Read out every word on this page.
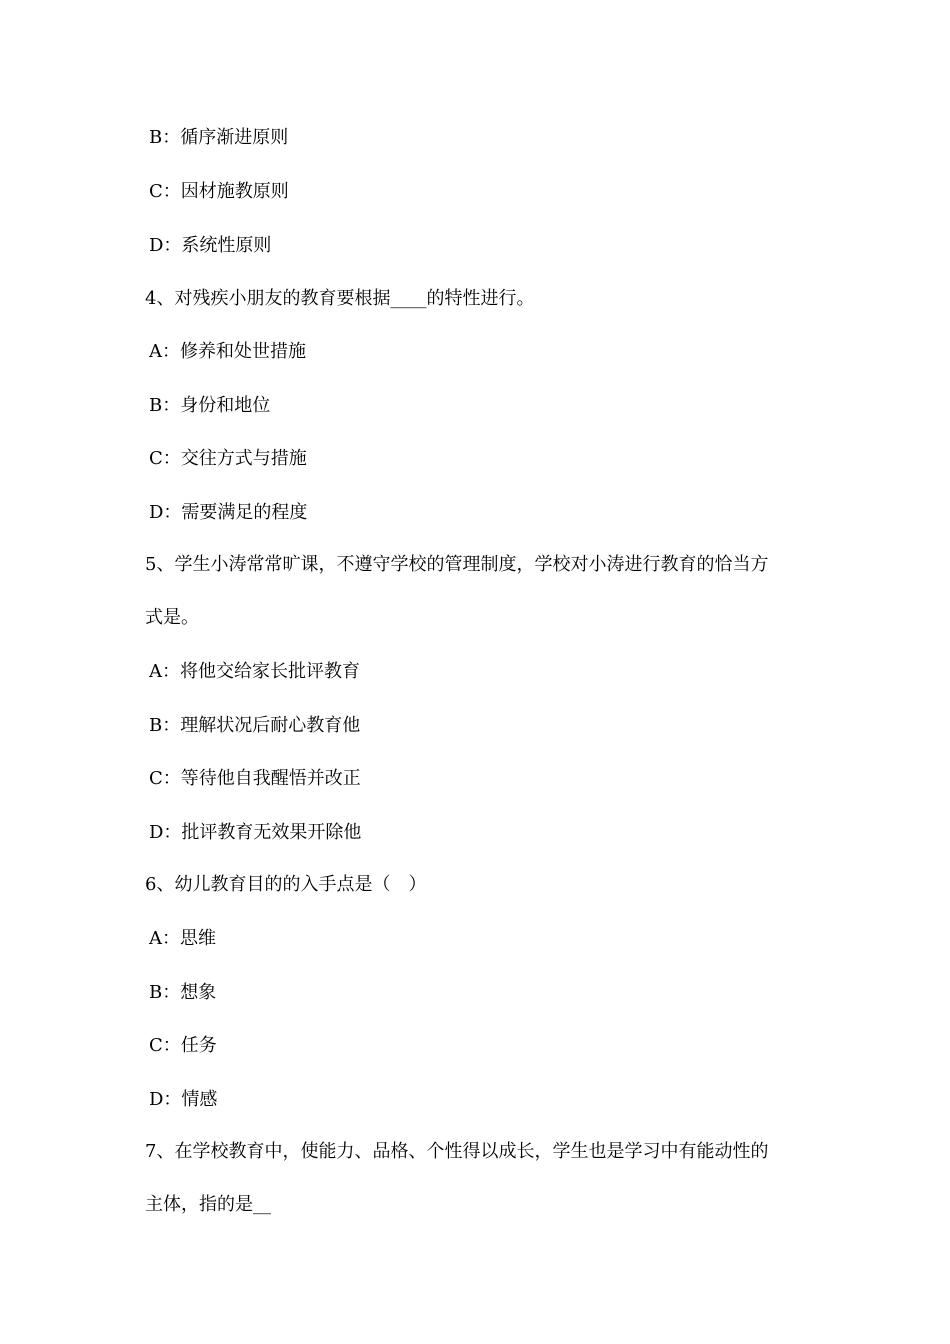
B：循序渐进原则
C：因材施教原则
D：系统性原则
4、对残疾小朋友的教育要根据____的特性进行。
A：修养和处世措施
B：身份和地位
C：交往方式与措施
D：需要满足的程度
5、学生小涛常常旷课，不遵守学校的管理制度，学校对小涛进行教育的恰当方
式是。
A：将他交给家长批评教育
B：理解状况后耐心教育他
C：等待他自我醒悟并改正
D：批评教育无效果开除他
6、幼儿教育目的的入手点是（　）
A：思维
B：想象
C：任务
D：情感
7、在学校教育中，使能力、品格、个性得以成长，学生也是学习中有能动性的
主体，指的是__
